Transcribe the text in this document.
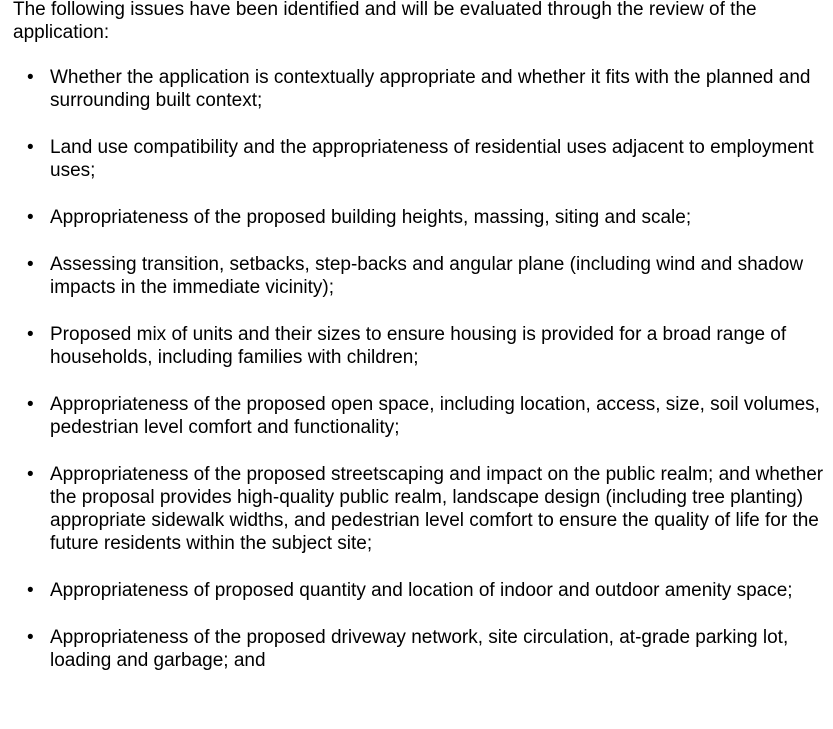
The following issues have been identified and will be evaluated through the review of the application:

• Whether the application is contextually appropriate and whether it fits with the planned and surrounding built context;
• Land use compatibility and the appropriateness of residential uses adjacent to employment uses;
• Appropriateness of the proposed building heights, massing, siting and scale;
• Assessing transition, setbacks, step-backs and angular plane (including wind and shadow impacts in the immediate vicinity);
• Proposed mix of units and their sizes to ensure housing is provided for a broad range of households, including families with children;
• Appropriateness of the proposed open space, including location, access, size, soil volumes, pedestrian level comfort and functionality;
• Appropriateness of the proposed streetscaping and impact on the public realm; and whether the proposal provides high-quality public realm, landscape design (including tree planting) appropriate sidewalk widths, and pedestrian level comfort to ensure the quality of life for the future residents within the subject site;
• Appropriateness of proposed quantity and location of indoor and outdoor amenity space;
• Appropriateness of the proposed driveway network, site circulation, at-grade parking lot, loading and garbage; and
